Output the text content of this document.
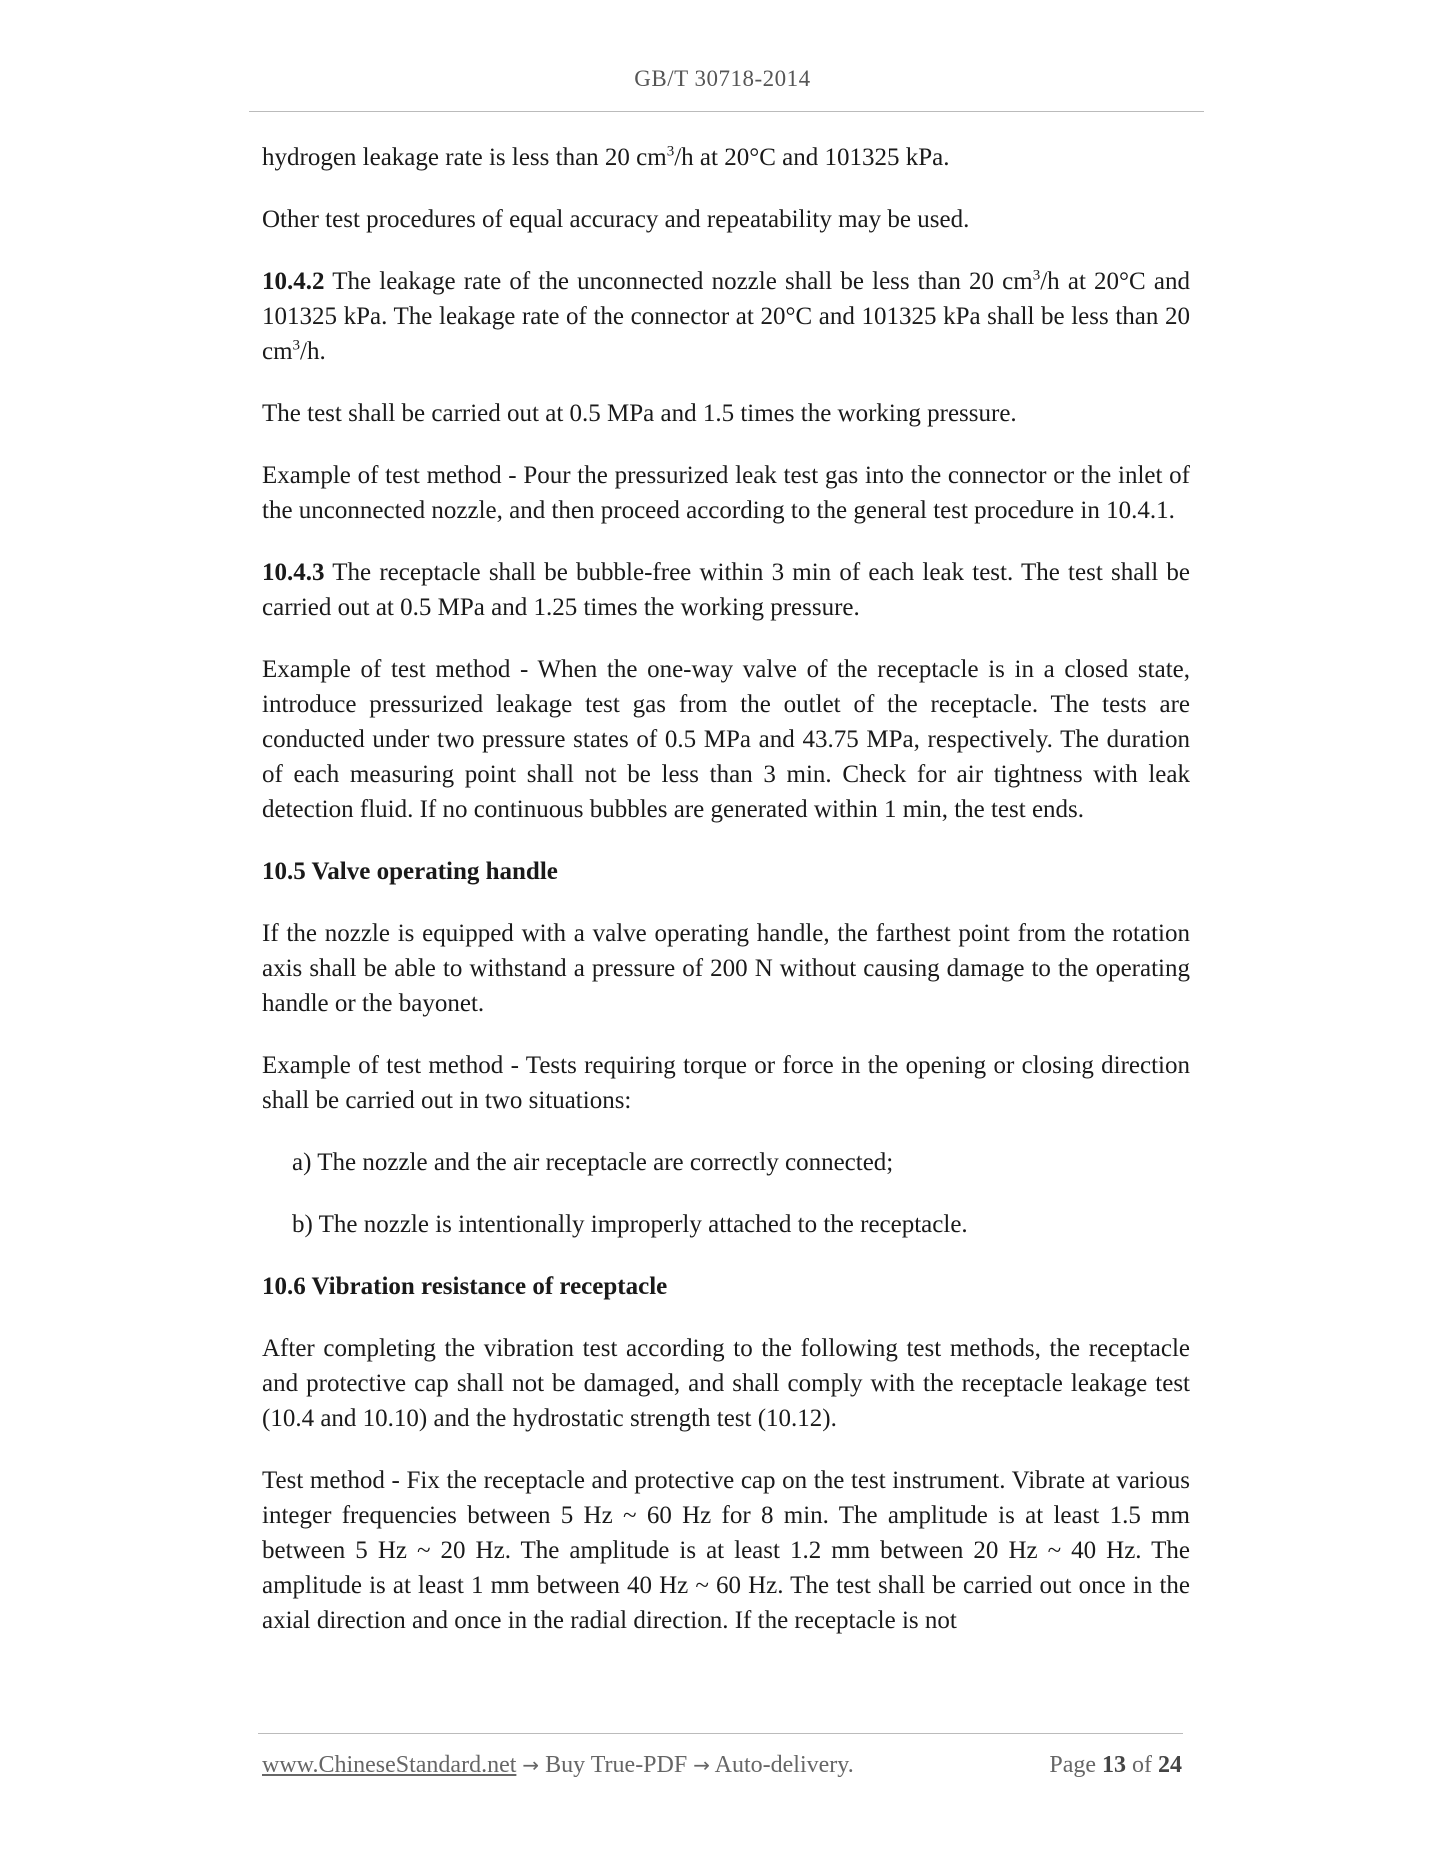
GB/T 30718-2014

hydrogen leakage rate is less than 20 $cm^3/h$ at 20°C and 101325 kPa.

Other test procedures of equal accuracy and repeatability may be used.

10.4.2 The leakage rate of the unconnected nozzle shall be less than 20 $cm^3/h$ at 20°C and 101325 kPa. The leakage rate of the connector at 20°C and 101325 kPa shall be less than 20 $cm^3/h$.

The test shall be carried out at 0.5 MPa and 1.5 times the working pressure.

Example of test method - Pour the pressurized leak test gas into the connector or the inlet of the unconnected nozzle, and then proceed according to the general test procedure in 10.4.1.

10.4.3 The receptacle shall be bubble-free within 3 min of each leak test. The test shall be carried out at 0.5 MPa and 1.25 times the working pressure.

Example of test method - When the one-way valve of the receptacle is in a closed state, introduce pressurized leakage test gas from the outlet of the receptacle. The tests are conducted under two pressure states of 0.5 MPa and 43.75 MPa, respectively. The duration of each measuring point shall not be less than 3 min. Check for air tightness with leak detection fluid. If no continuous bubbles are generated within 1 min, the test ends.

10.5 Valve operating handle

If the nozzle is equipped with a valve operating handle, the farthest point from the rotation axis shall be able to withstand a pressure of 200 N without causing damage to the operating handle or the bayonet.

Example of test method - Tests requiring torque or force in the opening or closing direction shall be carried out in two situations:

a) The nozzle and the air receptacle are correctly connected;

b) The nozzle is intentionally improperly attached to the receptacle.

10.6 Vibration resistance of receptacle

After completing the vibration test according to the following test methods, the receptacle and protective cap shall not be damaged, and shall comply with the receptacle leakage test (10.4 and 10.10) and the hydrostatic strength test (10.12).

Test method - Fix the receptacle and protective cap on the test instrument. Vibrate at various integer frequencies between 5 Hz ~ 60 Hz for 8 min. The amplitude is at least 1.5 mm between 5 Hz ~ 20 Hz. The amplitude is at least 1.2 mm between 20 Hz ~ 40 Hz. The amplitude is at least 1 mm between 40 Hz ~ 60 Hz. The test shall be carried out once in the axial direction and once in the radial direction. If the receptacle is not

www.ChineseStandard.net → Buy True-PDF → Auto-delivery.	Page 13 of 24
